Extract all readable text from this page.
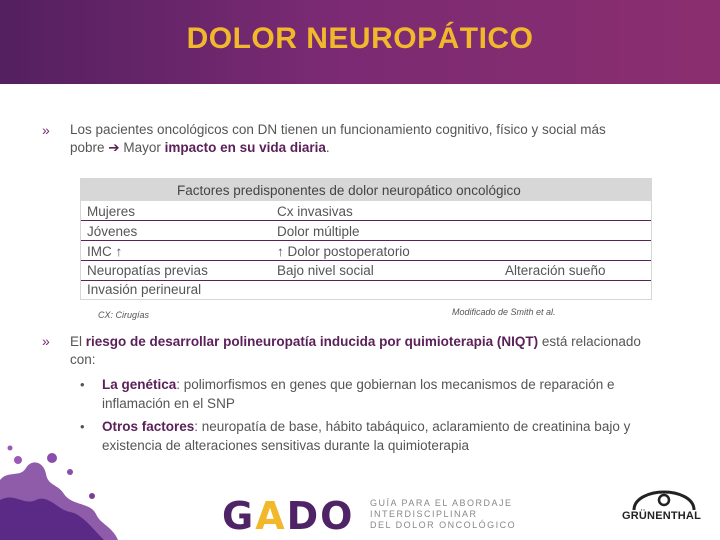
DOLOR NEUROPÁTICO
» Los pacientes oncológicos con DN tienen un funcionamiento cognitivo, físico y social más
pobre ➔ Mayor impacto en su vida diaria.
Factores predisponentes de dolor neuropático oncológico
Mujeres
Jóvenes
IMC ↑
Neuropatías previas
Invasión perineural
Cx invasivas
Dolor múltiple
↑ Dolor postoperatorio
Bajo nivel social	Alteración sueño
CX: Cirugías	Modificado de Smith et al.
» El riesgo de desarrollar polineuropatía inducida por quimioterapia (NIQT) está relacionado
con:
• La genética: polimorfismos en genes que gobiernan los mecanismos de reparación e
inflamación en el SNP
• Otros factores: neuropatía de base, hábito tabáquico, aclaramiento de creatinina bajo y
existencia de alteraciones sensitivas durante la quimioterapia
GADO GUÍA PARA EL ABORDAJE
INTERDISCIPLINAR
DEL DOLOR ONCOLÓGICO
GRÜNENTHAL
